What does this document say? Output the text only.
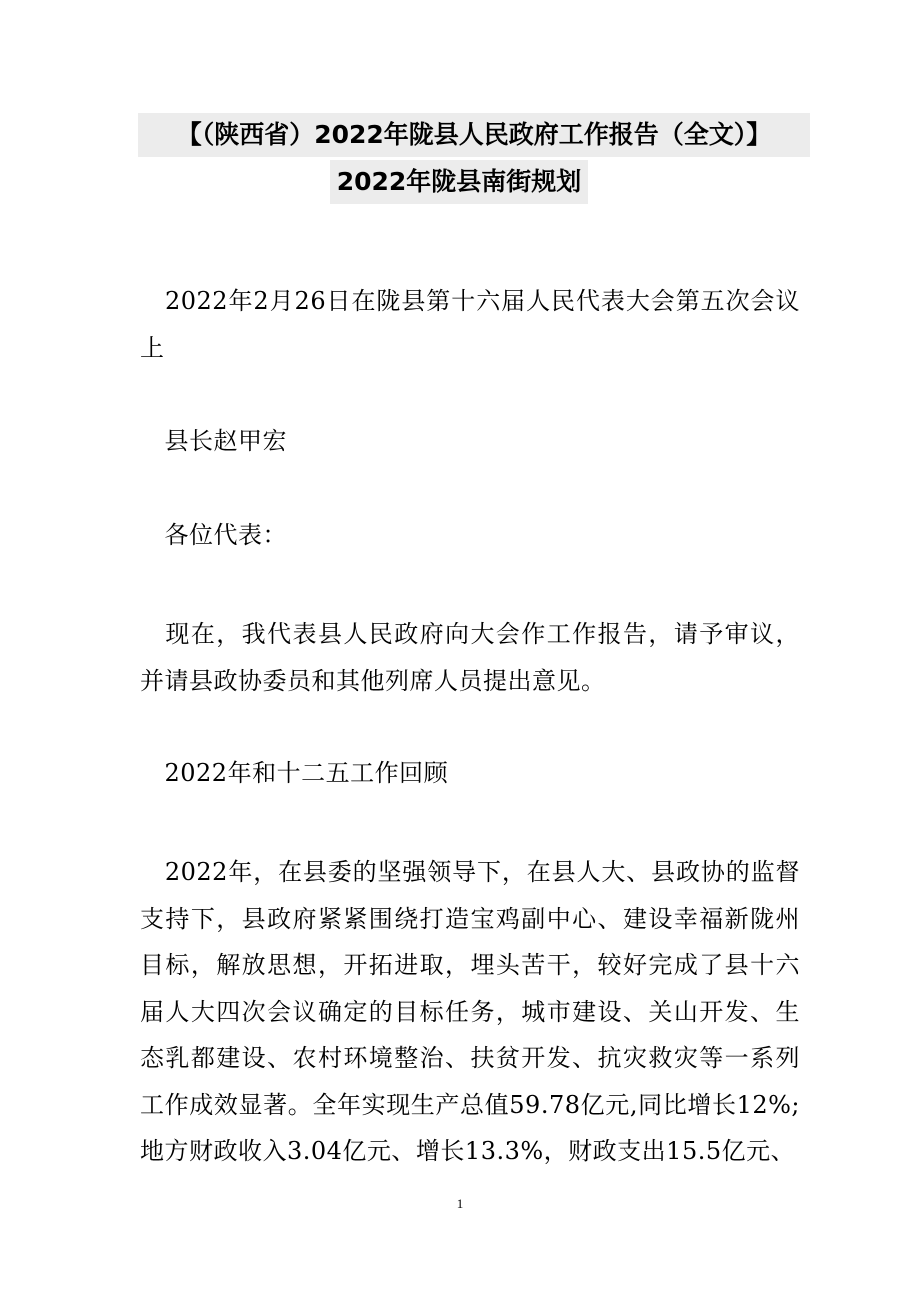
【（陕西省）2022年陇县人民政府工作报告（全文）】
2022年陇县南街规划
　2022年2月26日在陇县第十六届人民代表大会第五次会议上
　县长赵甲宏
　各位代表：
　现在，我代表县人民政府向大会作工作报告，请予审议，并请县政协委员和其他列席人员提出意见。
　2022年和十二五工作回顾
　2022年，在县委的坚强领导下，在县人大、县政协的监督支持下，县政府紧紧围绕打造宝鸡副中心、建设幸福新陇州目标，解放思想，开拓进取，埋头苦干，较好完成了县十六届人大四次会议确定的目标任务，城市建设、关山开发、生态乳都建设、农村环境整治、扶贫开发、抗灾救灾等一系列工作成效显著。全年实现生产总值59.78亿元,同比增长12%;地方财政收入3.04亿元、增长13.3%，财政支出15.5亿元、
1
